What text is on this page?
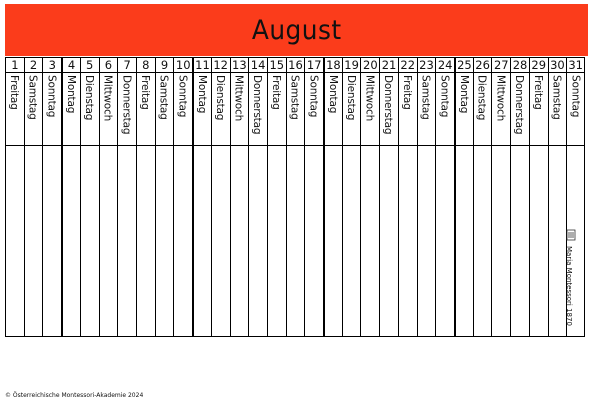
August
1
Freitag
2
Samstag
3
Sonntag
4
Montag
5
Dienstag
6
Mittwoch
7
Donnerstag
8
Freitag
9
Samstag
10
Sonntag
11
Montag
12
Dienstag
13
Mittwoch
14
Donnerstag
15
Freitag
16
Samstag
17
Sonntag
18
Montag
19
Dienstag
20
Mittwoch
21
Donnerstag
22
Freitag
23
Samstag
24
Sonntag
25
Montag
26
Dienstag
27
Mittwoch
28
Donnerstag
29
Freitag
30
Samstag
31
Sonntag
Maria Montessori 1870
© Österreichische Montessori-Akademie 2024
